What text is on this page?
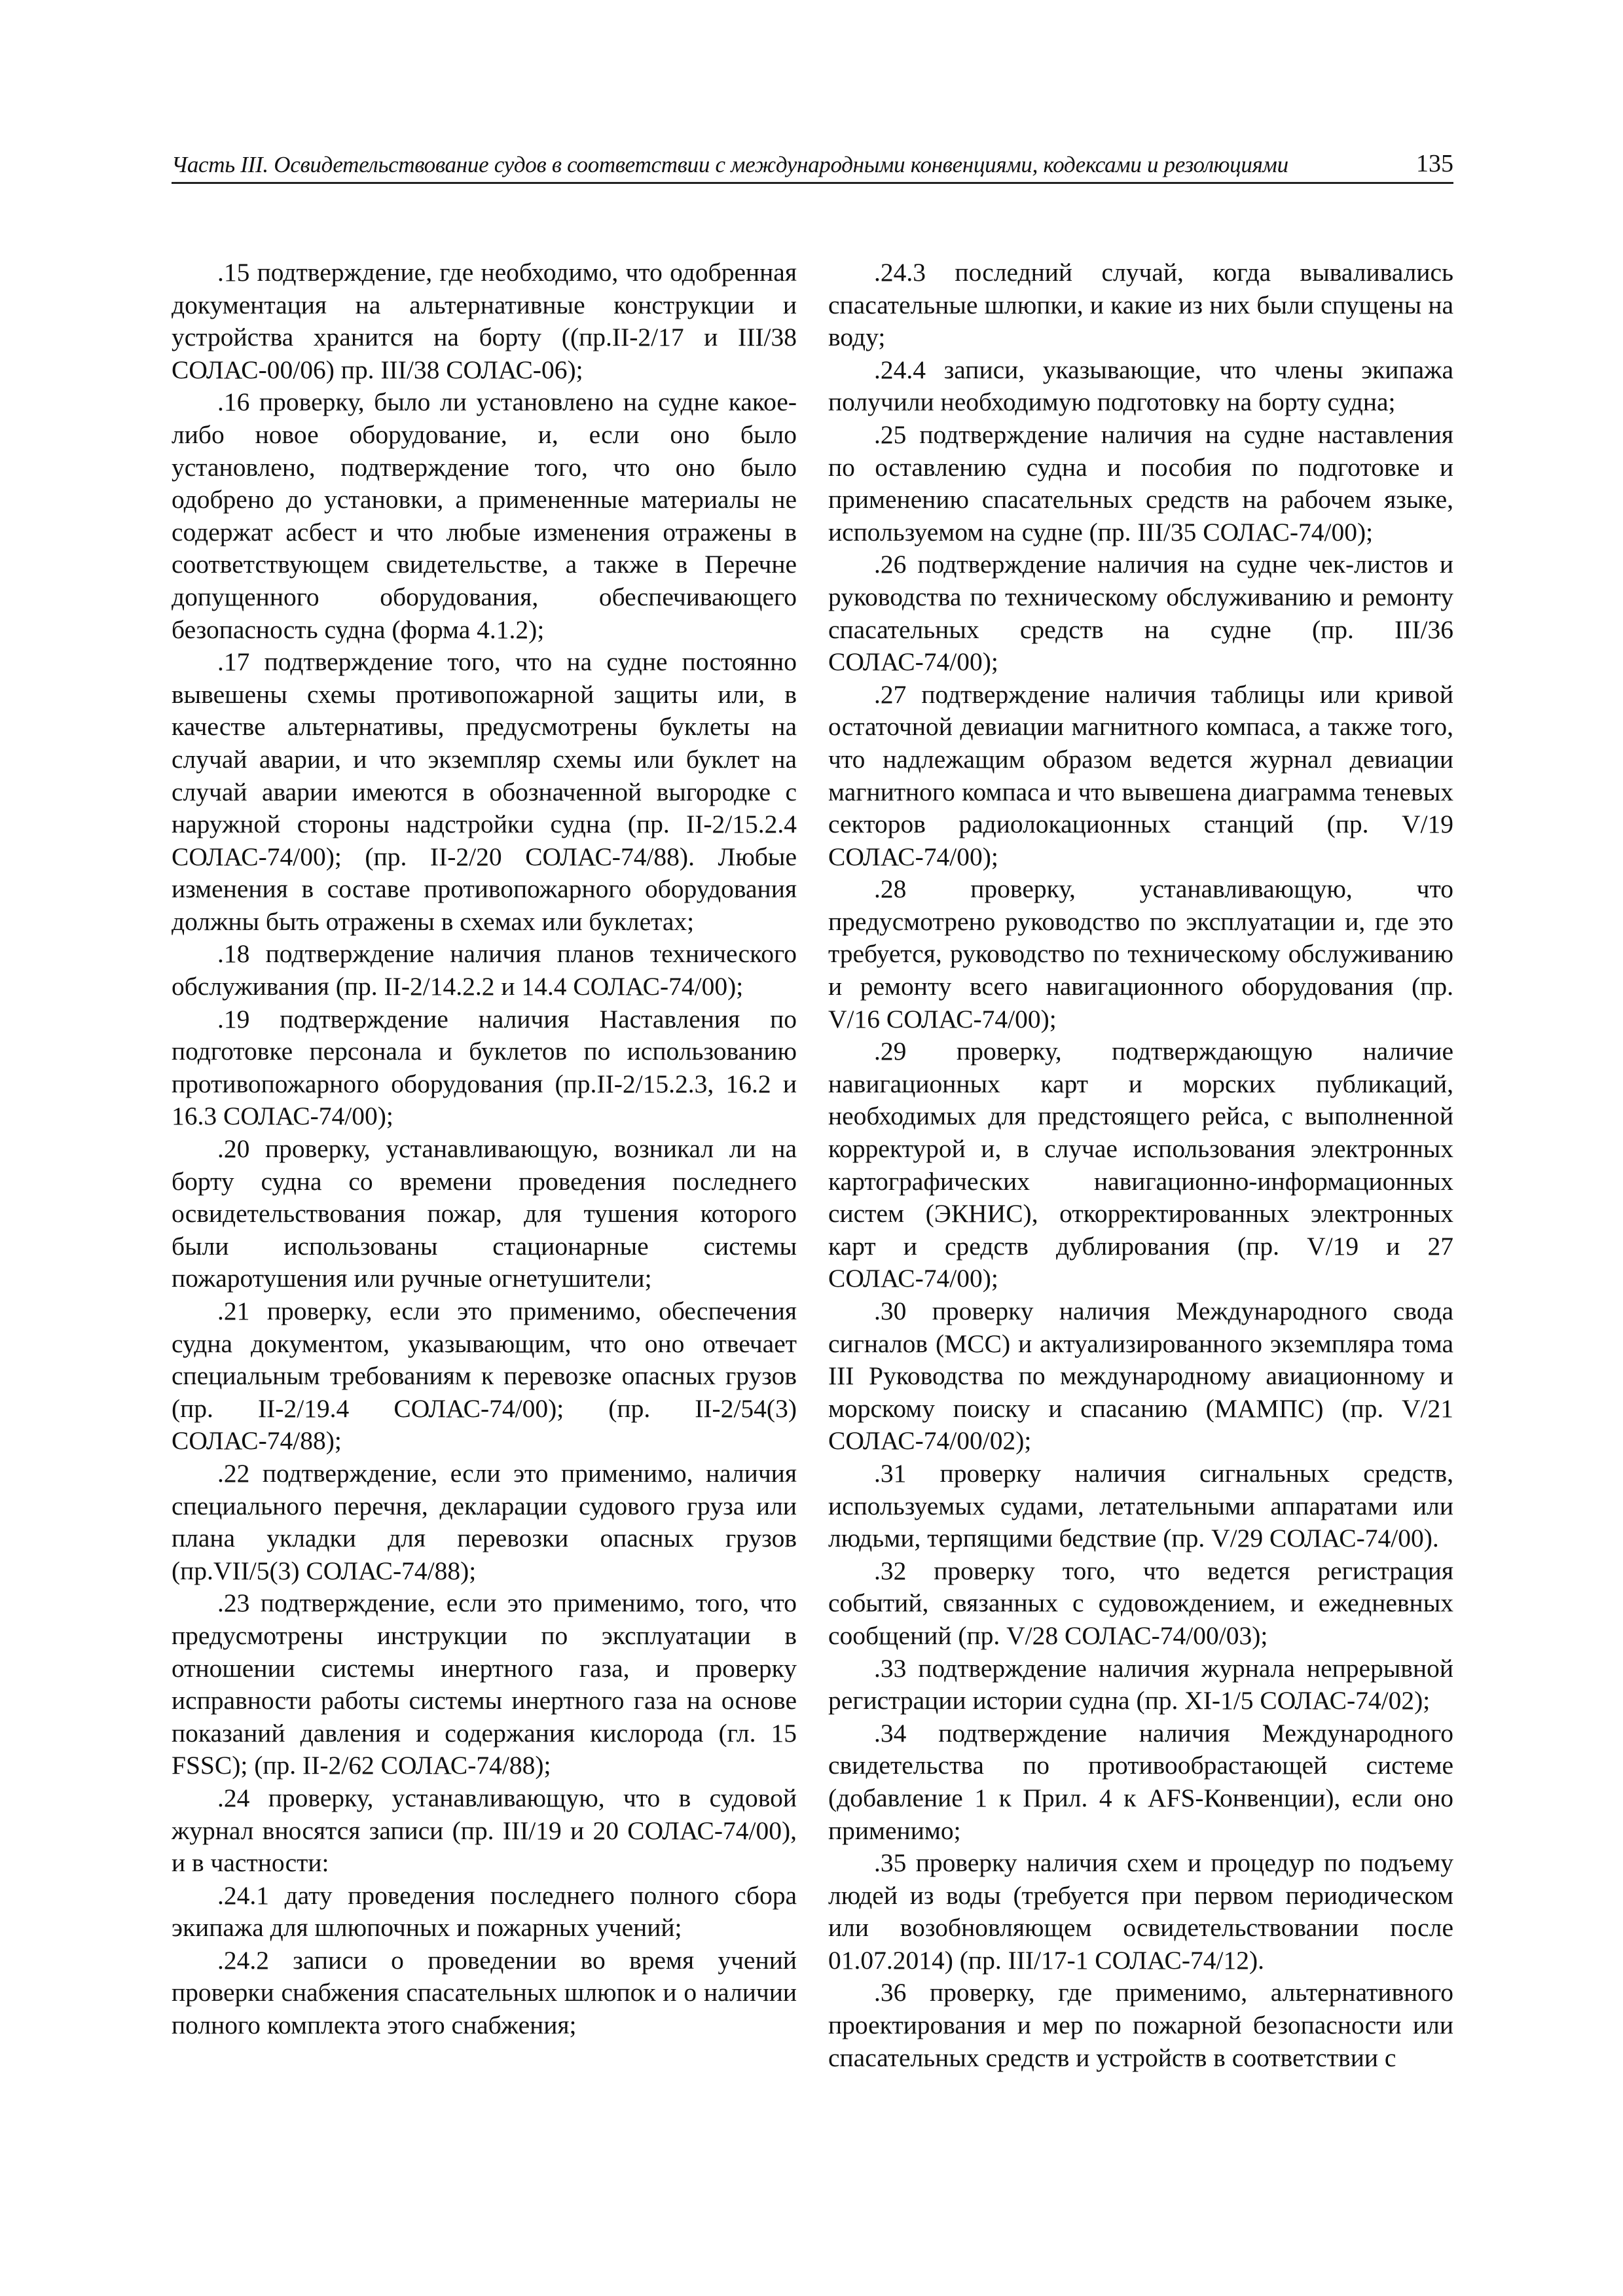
Часть III. Освидетельствование судов в соответствии с международными конвенциями, кодексами и резолюциями	135

.15 подтверждение, где необходимо, что одобренная документация на альтернативные конструкции и устройства хранится на борту ((пр.II-2/17 и III/38 СОЛАС-00/06) пр. III/38 СОЛАС-06);

.16 проверку, было ли установлено на судне какое-либо новое оборудование, и, если оно было установлено, подтверждение того, что оно было одобрено до установки, а примененные материалы не содержат асбест и что любые изменения отражены в соответствующем свидетельстве, а также в Перечне допущенного оборудования, обеспечивающего безопасность судна (форма 4.1.2);

.17 подтверждение того, что на судне постоянно вывешены схемы противопожарной защиты или, в качестве альтернативы, предусмотрены буклеты на случай аварии, и что экземпляр схемы или буклет на случай аварии имеются в обозначенной выгородке с наружной стороны надстройки судна (пр. II-2/15.2.4 СОЛАС-74/00); (пр. II-2/20 СОЛАС-74/88). Любые изменения в составе противопожарного оборудования должны быть отражены в схемах или буклетах;

.18 подтверждение наличия планов технического обслуживания (пр. II-2/14.2.2 и 14.4 СОЛАС-74/00);

.19 подтверждение наличия Наставления по подготовке персонала и буклетов по использованию противопожарного оборудования (пр.II-2/15.2.3, 16.2 и 16.3 СОЛАС-74/00);

.20 проверку, устанавливающую, возникал ли на борту судна со времени проведения последнего освидетельствования пожар, для тушения которого были использованы стационарные системы пожаротушения или ручные огнетушители;

.21 проверку, если это применимо, обеспечения судна документом, указывающим, что оно отвечает специальным требованиям к перевозке опасных грузов (пр. II-2/19.4 СОЛАС-74/00); (пр. II-2/54(3) СОЛАС-74/88);

.22 подтверждение, если это применимо, наличия специального перечня, декларации судового груза или плана укладки для перевозки опасных грузов (пр.VII/5(3) СОЛАС-74/88);

.23 подтверждение, если это применимо, того, что предусмотрены инструкции по эксплуатации в отношении системы инертного газа, и проверку исправности работы системы инертного газа на основе показаний давления и содержания кислорода (гл. 15 FSSC); (пр. II-2/62 СОЛАС-74/88);

.24 проверку, устанавливающую, что в судовой журнал вносятся записи (пр. III/19 и 20 СОЛАС-74/00), и в частности:

.24.1 дату проведения последнего полного сбора экипажа для шлюпочных и пожарных учений;

.24.2 записи о проведении во время учений проверки снабжения спасательных шлюпок и о наличии полного комплекта этого снабжения;

.24.3 последний случай, когда вываливались спасательные шлюпки, и какие из них были спущены на воду;

.24.4 записи, указывающие, что члены экипажа получили необходимую подготовку на борту судна;

.25 подтверждение наличия на судне наставления по оставлению судна и пособия по подготовке и применению спасательных средств на рабочем языке, используемом на судне (пр. III/35 СОЛАС-74/00);

.26 подтверждение наличия на судне чек-листов и руководства по техническому обслуживанию и ремонту спасательных средств на судне (пр. III/36 СОЛАС-74/00);

.27 подтверждение наличия таблицы или кривой остаточной девиации магнитного компаса, а также того, что надлежащим образом ведется журнал девиации магнитного компаса и что вывешена диаграмма теневых секторов радиолокационных станций (пр. V/19 СОЛАС-74/00);

.28 проверку, устанавливающую, что предусмотрено руководство по эксплуатации и, где это требуется, руководство по техническому обслуживанию и ремонту всего навигационного оборудования (пр. V/16 СОЛАС-74/00);

.29 проверку, подтверждающую наличие навигационных карт и морских публикаций, необходимых для предстоящего рейса, с выполненной корректурой и, в случае использования электронных картографических навигационно-информационных систем (ЭКНИС), откорректированных электронных карт и средств дублирования (пр. V/19 и 27 СОЛАС-74/00);

.30 проверку наличия Международного свода сигналов (МСС) и актуализированного экземпляра тома III Руководства по международному авиационному и морскому поиску и спасанию (МАМПС) (пр. V/21 СОЛАС-74/00/02);

.31 проверку наличия сигнальных средств, используемых судами, летательными аппаратами или людьми, терпящими бедствие (пр. V/29 СОЛАС-74/00).

.32 проверку того, что ведется регистрация событий, связанных с судовождением, и ежедневных сообщений (пр. V/28 СОЛАС-74/00/03);

.33 подтверждение наличия журнала непрерывной регистрации истории судна (пр. XI-1/5 СОЛАС-74/02);

.34 подтверждение наличия Международного свидетельства по противообрастающей системе (добавление 1 к Прил. 4 к AFS-Конвенции), если оно применимо;

.35 проверку наличия схем и процедур по подъему людей из воды (требуется при первом периодическом или возобновляющем освидетельствовании после 01.07.2014) (пр. III/17-1 СОЛАС-74/12).

.36 проверку, где применимо, альтернативного проектирования и мер по пожарной безопасности или спасательных средств и устройств в соответствии с
